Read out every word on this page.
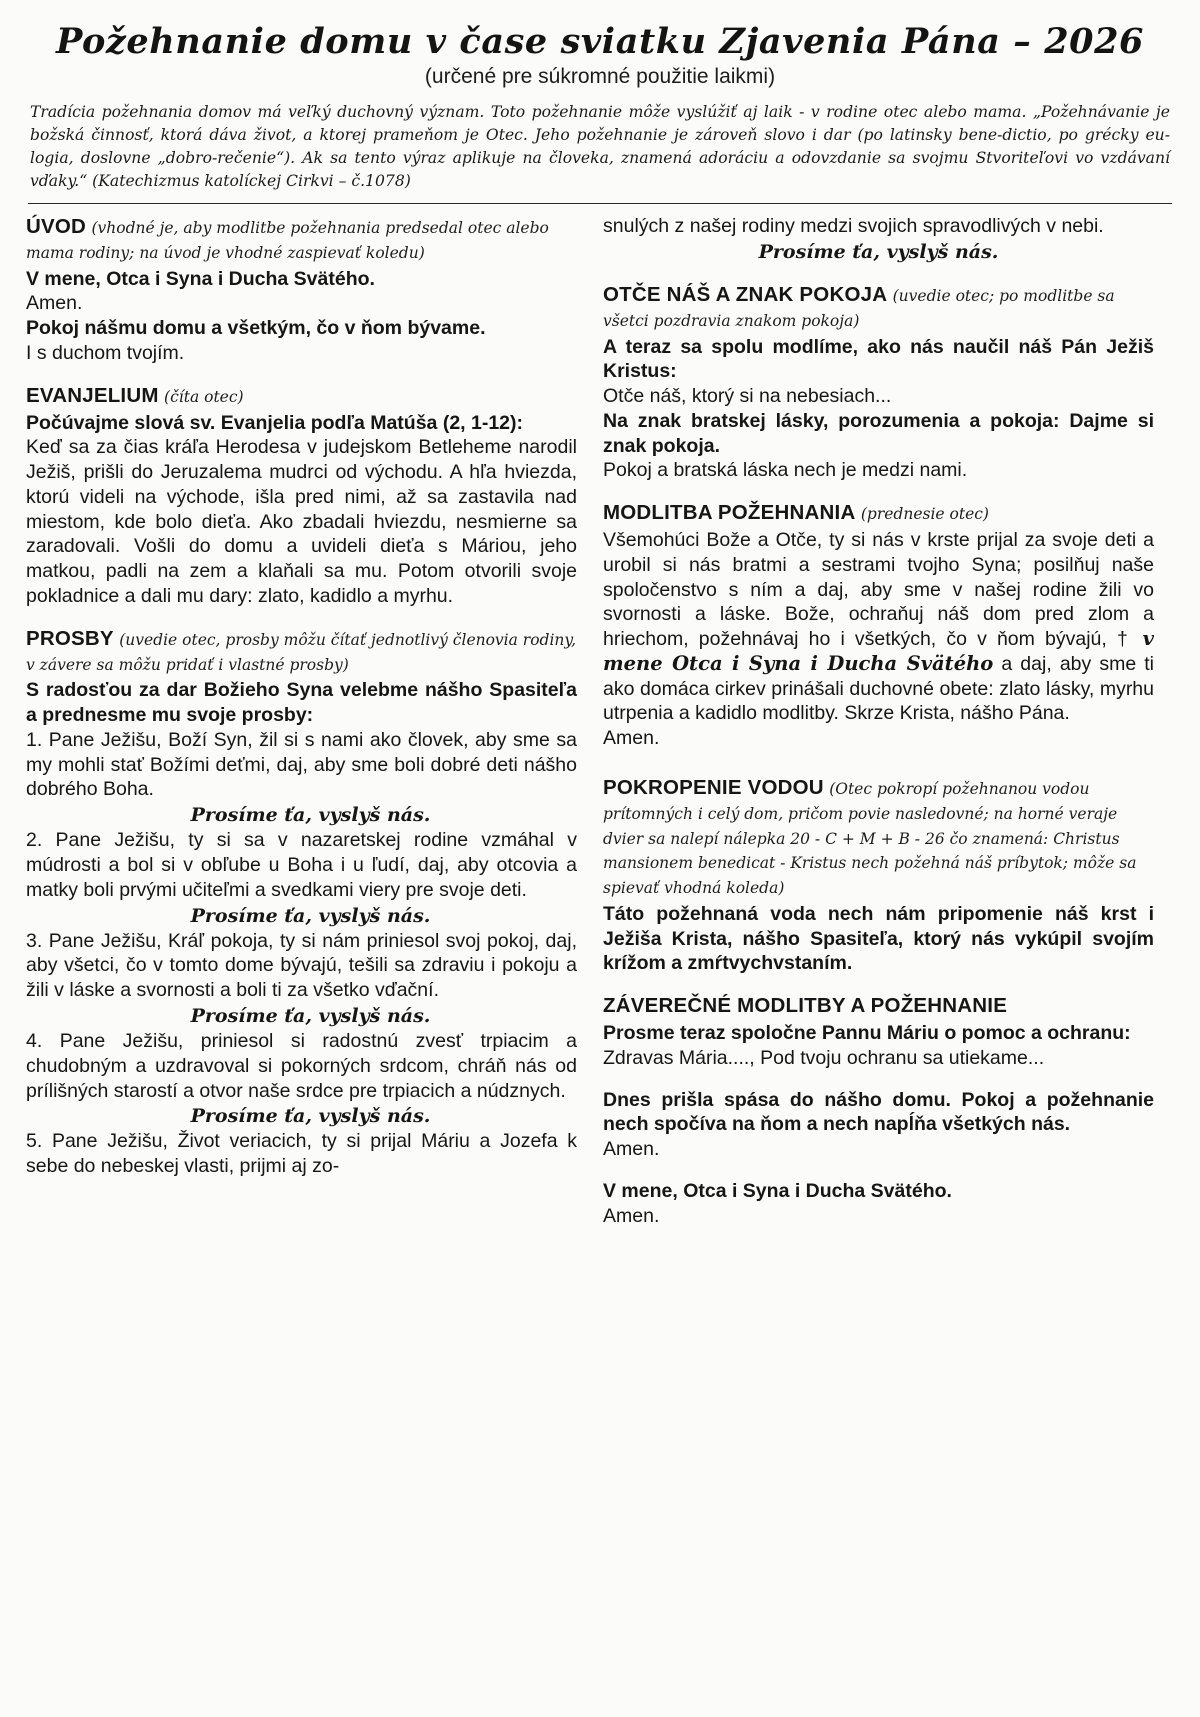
Požehnanie domu v čase sviatku Zjavenia Pána – 2026
(určené pre súkromné použitie laikmi)
Tradícia požehnania domov má veľký duchovný význam. Toto požehnanie môže vyslúžiť aj laik - v rodine otec alebo mama. „Požehnávanie je božská činnosť, ktorá dáva život, a ktorej prameňom je Otec. Jeho požehnanie je zároveň slovo i dar (po latinsky bene-dictio, po grécky eu-logia, doslovne „dobro-rečenie“). Ak sa tento výraz aplikuje na človeka, znamená adoráciu a odovzdanie sa svojmu Stvoriteľovi vo vzdávaní vďaky.“ (Katechizmus katolíckej Cirkvi – č.1078)
ÚVOD (vhodné je, aby modlitbe požehnania predsedal otec alebo mama rodiny; na úvod je vhodné zaspievať koledu)
V mene, Otca i Syna i Ducha Svätého.
Amen.
Pokoj nášmu domu a všetkým, čo v ňom bývame.
I s duchom tvojím.
EVANJELIUM (číta otec)
Počúvajme slová sv. Evanjelia podľa Matúša (2, 1-12):
Keď sa za čias kráľa Herodesa v judejskom Betleheme narodil Ježiš, prišli do Jeruzalema mudrci od východu. A hľa hviezda, ktorú videli na východe, išla pred nimi, až sa zastavila nad miestom, kde bolo dieťa. Ako zbadali hviezdu, nesmierne sa zaradovali. Vošli do domu a uvideli dieťa s Máriou, jeho matkou, padli na zem a klaňali sa mu. Potom otvorili svoje pokladnice a dali mu dary: zlato, kadidlo a myrhu.
PROSBY (uvedie otec, prosby môžu čítať jednotlivý členovia rodiny, v závere sa môžu pridať i vlastné prosby)
S radosťou za dar Božieho Syna velebme nášho Spasiteľa a prednesme mu svoje prosby:
1. Pane Ježišu, Boží Syn, žil si s nami ako človek, aby sme sa my mohli stať Božími deťmi, daj, aby sme boli dobré deti nášho dobrého Boha.
Prosíme ťa, vyslyš nás.
2. Pane Ježišu, ty si sa v nazaretskej rodine vzmáhal v múdrosti a bol si v obľube u Boha i u ľudí, daj, aby otcovia a matky boli prvými učiteľmi a svedkami viery pre svoje deti.
Prosíme ťa, vyslyš nás.
3. Pane Ježišu, Kráľ pokoja, ty si nám priniesol svoj pokoj, daj, aby všetci, čo v tomto dome bývajú, tešili sa zdraviu i pokoju a žili v láske a svornosti a boli ti za všetko vďační.
Prosíme ťa, vyslyš nás.
4. Pane Ježišu, priniesol si radostnú zvesť trpiacim a chudobným a uzdravoval si pokorných srdcom, chráň nás od prílišných starostí a otvor naše srdce pre trpiacich a núdznych.
Prosíme ťa, vyslyš nás.
5. Pane Ježišu, Život veriacich, ty si prijal Máriu a Jozefa k sebe do nebeskej vlasti, prijmi aj zo-
snulých z našej rodiny medzi svojich spravodlivých v nebi.
Prosíme ťa, vyslyš nás.
OTČE NÁŠ A ZNAK POKOJA (uvedie otec; po modlitbe sa všetci pozdravia znakom pokoja)
A teraz sa spolu modlíme, ako nás naučil náš Pán Ježiš Kristus:
Otče náš, ktorý si na nebesiach...
Na znak bratskej lásky, porozumenia a pokoja: Dajme si znak pokoja.
Pokoj a bratská láska nech je medzi nami.
MODLITBA POŽEHNANIA (prednesie otec)
Všemohúci Bože a Otče, ty si nás v krste prijal za svoje deti a urobil si nás bratmi a sestrami tvojho Syna; posilňuj naše spoločenstvo s ním a daj, aby sme v našej rodine žili vo svornosti a láske. Bože, ochraňuj náš dom pred zlom a hriechom, požehnávaj ho i všetkých, čo v ňom bývajú, † v mene Otca i Syna i Ducha Svätého a daj, aby sme ti ako domáca cirkev prinášali duchovné obete: zlato lásky, myrhu utrpenia a kadidlo modlitby. Skrze Krista, nášho Pána.
Amen.
POKROPENIE VODOU (Otec pokropí požehnanou vodou prítomných i celý dom, pričom povie nasledovné; na horné veraje dvier sa nalepí nálepka 20 - C + M + B - 26 čo znamená: Christus mansionem benedicat - Kristus nech požehná náš príbytok; môže sa spievať vhodná koleda)
Táto požehnaná voda nech nám pripomenie náš krst i Ježiša Krista, nášho Spasiteľa, ktorý nás vykúpil svojím krížom a zmŕtvychvstaním.
ZÁVEREČNÉ MODLITBY A POŽEHNANIE
Prosme teraz spoločne Pannu Máriu o pomoc a ochranu:
Zdravas Mária...., Pod tvoju ochranu sa utiekame...
Dnes prišla spása do nášho domu. Pokoj a požehnanie nech spočíva na ňom a nech napĺňa všetkých nás.
Amen.
V mene, Otca i Syna i Ducha Svätého.
Amen.
